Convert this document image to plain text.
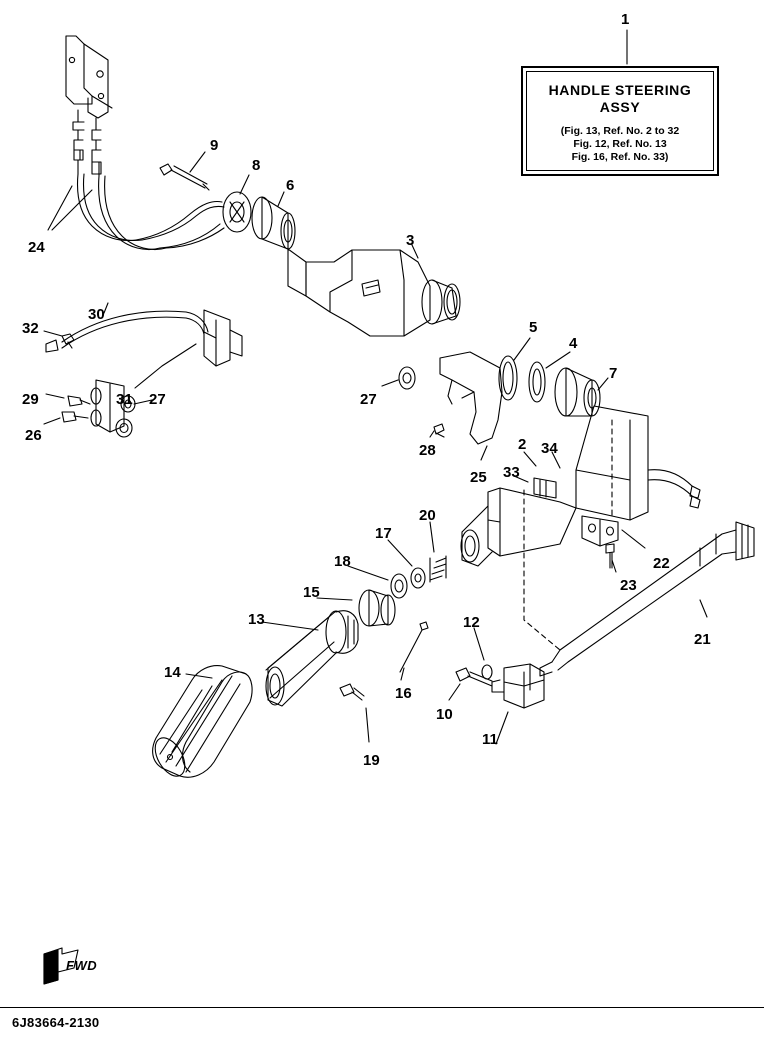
HANDLE STEERING
ASSY
(Fig. 13, Ref. No. 2 to 32
Fig. 12, Ref. No. 13
Fig. 16, Ref. No. 33)
1
9
8
6
24	3
5
4
7
30
32
31
29	27
26
27
28
25 33
2 34
22
23
21
20
17
18
15
16
13
14
19
12
10
11
FWD
6J83664-2130
